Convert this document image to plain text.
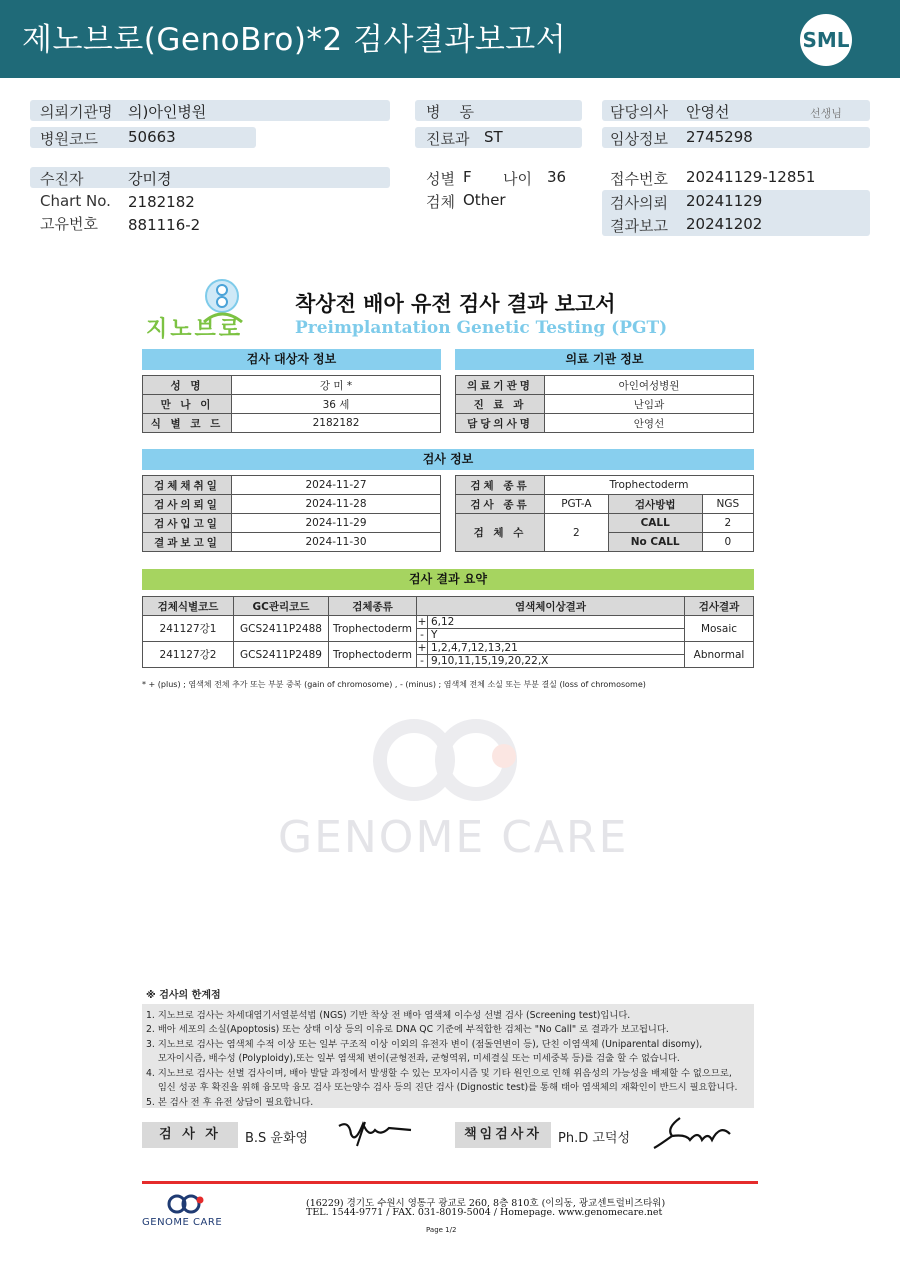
제노브로(GenoBro)*2 검사결과보고서	SML
의뢰기관명 의)아인병원
병원코드 50663
병    동
진료과 ST
담당의사 안영선	선생님
임상정보 2745298
수진자	강미경
Chart No. 2182182
고유번호 881116-2
성별 F 나이 36
검체 Other
접수번호 20241129-12851
검사의뢰 20241129
결과보고 20241202
지노브로
착상전 배아 유전 검사 결과 보고서
Preimplantation Genetic Testing (PGT)
검사 대상자 정보
성 명	강 미 *
만 나 이	36 세
식 별 코 드	2182182
의료 기관 정보
의료기관명	아인여성병원
진 료 과	난임과
담당의사명	안영선
검사 정보
검체채취일	2024-11-27
검사의뢰일	2024-11-28
검사입고일	2024-11-29
결과보고일	2024-11-30
검체 종류	Trophectoderm		
검사 종류	PGT-A	검사방법	NGS
검 체 수	2	CALL	2
		No CALL	0
검사 결과 요약
검체식별코드	GC관리코드	검체종류	염색체이상결과	검사결과
241127강1	GCS2411P2488	Trophectoderm	+ 6,12
- Y	Mosaic
241127강2	GCS2411P2489	Trophectoderm	+ 1,2,4,7,12,13,21
- 9,10,11,15,19,20,22,X	Abnormal
* + (plus) ; 염색체 전체 추가 또는 부분 중복 (gain of chromosome) , - (minus) ; 염색체 전체 소실 또는 부분 결실 (loss of chromosome)
GENOME CARE
※ 검사의 한계점
1. 지노브로 검사는 차세대염기서열분석법 (NGS) 기반 착상 전 배아 염색체 이수성 선별 검사 (Screening test)입니다.
2. 배아 세포의 소실(Apoptosis) 또는 상태 이상 등의 이유로 DNA QC 기준에 부적합한 검체는 "No Call" 로 결과가 보고됩니다.
3. 지노브로 검사는 염색체 수적 이상 또는 일부 구조적 이상 이외의 유전자 변이 (점돌연변이 등), 단친 이염색체 (Uniparental disomy),
모자이시즘, 배수성 (Polyploidy),또는 일부 염색체 변이(균형전좌, 균형역위, 미세결실 또는 미세중복 등)를 검출 할 수 없습니다.
4. 지노브로 검사는 선별 검사이며, 배아 발달 과정에서 발생할 수 있는 모자이시즘 및 기타 원인으로 인해 위음성의 가능성을 배제할 수 없으므로,
임신 성공 후 확진을 위해 융모막 융모 검사 또는양수 검사 등의 진단 검사 (Dignostic test)를 통해 태아 염색체의 재확인이 반드시 필요합니다.
5. 본 검사 전 후 유전 상담이 필요합니다.
검 사 자	B.S 윤화영	책임검사자	Ph.D 고덕성
GENOME CARE
(16229) 경기도 수원시 영통구 광교로 260, 8층 810호 (이의동, 광교센트럴비즈타워)
TEL. 1544-9771 / FAX. 031-8019-5004 / Homepage. www.genomecare.net
Page 1/2
